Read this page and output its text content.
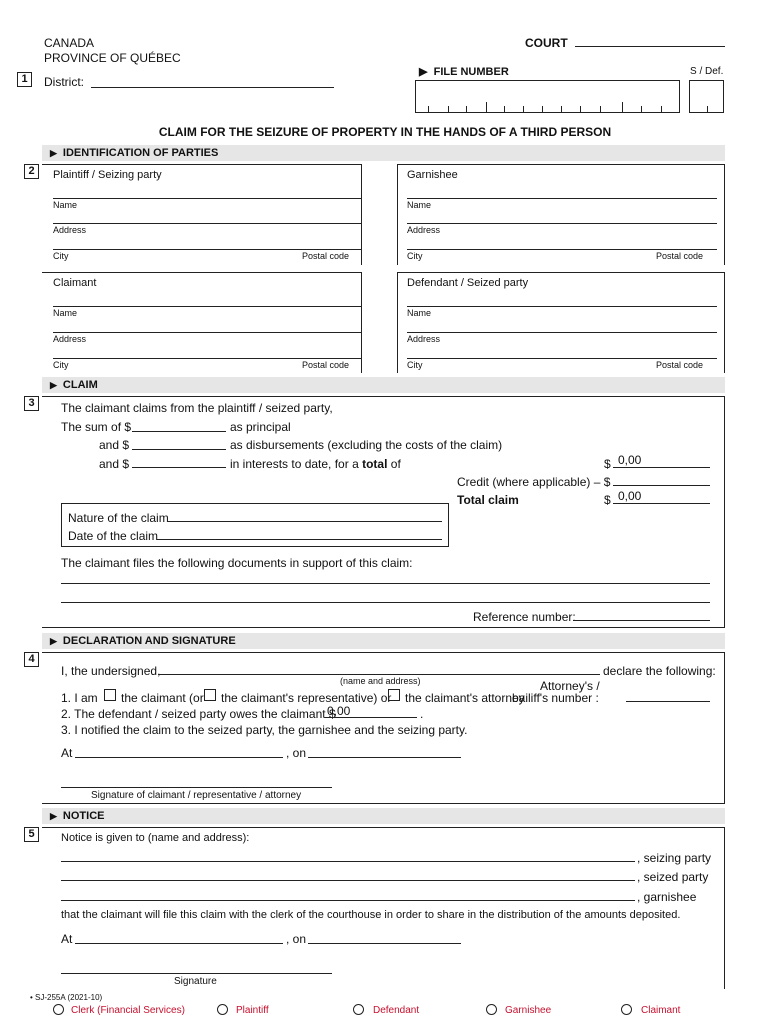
CANADA
PROVINCE OF QUÉBEC
1	District:
COURT
▶ FILE NUMBER	S / Def.
CLAIM FOR THE SEIZURE OF PROPERTY IN THE HANDS OF A THIRD PERSON
▶ IDENTIFICATION OF PARTIES
2	Plaintiff / Seizing party
Name
Address
City	Postal code
Garnishee
Name
Address
City	Postal code
Claimant
Name
Address
City	Postal code
Defendant / Seized party
Name
Address
City	Postal code
▶ CLAIM
3	The claimant claims from the plaintiff / seized party,
The sum of $	as principal
and $	as disbursements (excluding the costs of the claim)
and $	in interests to date, for a total of	$ 0,00
Credit (where applicable) – $
Total claim	$ 0,00
Nature of the claim
Date of the claim
The claimant files the following documents in support of this claim:
Reference number:
▶ DECLARATION AND SIGNATURE
4
I, the undersigned,	declare the following:
(name and address)
1. I am the claimant (or the claimant's representative) or the claimant's attorney
Attorney's /
bailiff's number :
2. The defendant / seized party owes the claimant $
0,00	.
3. I notified the claim to the seized party, the garnishee and the seizing party.
At	, on
Signature of claimant / representative / attorney
▶ NOTICE
5	Notice is given to (name and address):
, seizing party
, seized party
, garnishee
that the claimant will file this claim with the clerk of the courthouse in order to share in the distribution of the amounts deposited.
At	, on
Signature
• SJ-255A (2021-10)
Clerk (Financial Services)	Plaintiff	Defendant	Garnishee	Claimant
